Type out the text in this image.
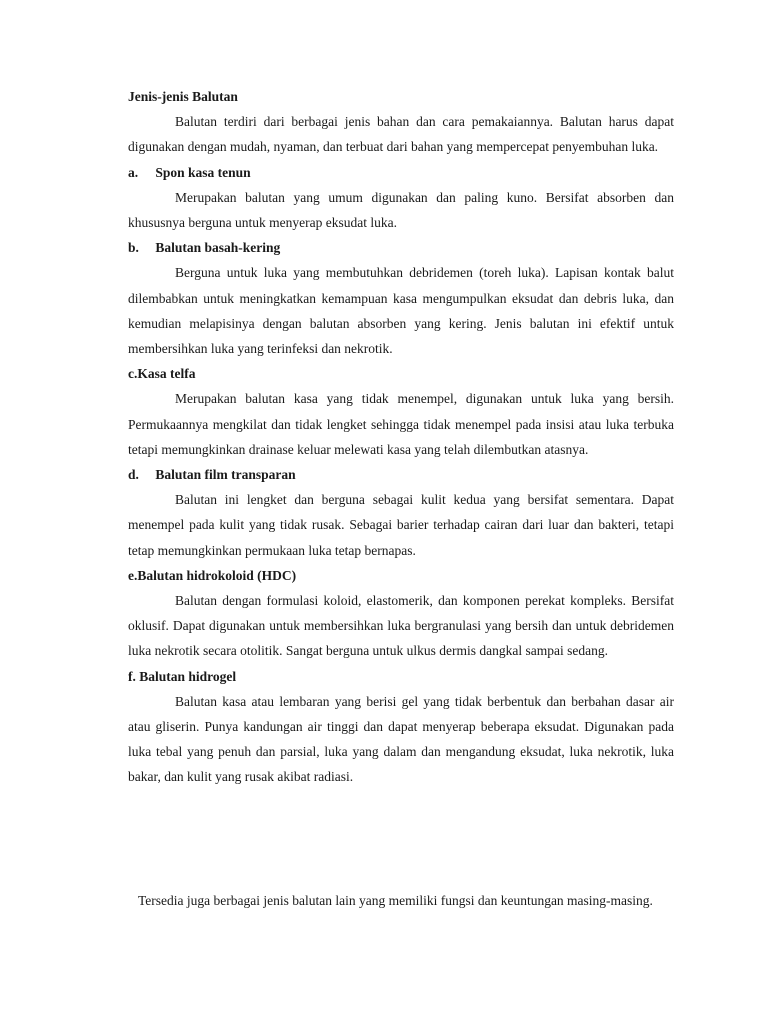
Jenis-jenis Balutan

Balutan terdiri dari berbagai jenis bahan dan cara pemakaiannya. Balutan harus dapat digunakan dengan mudah, nyaman, dan terbuat dari bahan yang mempercepat penyembuhan luka.

a. Spon kasa tenun

Merupakan balutan yang umum digunakan dan paling kuno. Bersifat absorben dan khususnya berguna untuk menyerap eksudat luka.

b. Balutan basah-kering

Berguna untuk luka yang membutuhkan debridemen (toreh luka). Lapisan kontak balut dilembabkan untuk meningkatkan kemampuan kasa mengumpulkan eksudat dan debris luka, dan kemudian melapisinya dengan balutan absorben yang kering. Jenis balutan ini efektif untuk membersihkan luka yang terinfeksi dan nekrotik.

c.Kasa telfa

Merupakan balutan kasa yang tidak menempel, digunakan untuk luka yang bersih. Permukaannya mengkilat dan tidak lengket sehingga tidak menempel pada insisi atau luka terbuka tetapi memungkinkan drainase keluar melewati kasa yang telah dilembutkan atasnya.

d. Balutan film transparan

Balutan ini lengket dan berguna sebagai kulit kedua yang bersifat sementara. Dapat menempel pada kulit yang tidak rusak. Sebagai barier terhadap cairan dari luar dan bakteri, tetapi tetap memungkinkan permukaan luka tetap bernapas.

e.Balutan hidrokoloid (HDC)

Balutan dengan formulasi koloid, elastomerik, dan komponen perekat kompleks. Bersifat oklusif. Dapat digunakan untuk membersihkan luka bergranulasi yang bersih dan untuk debridemen luka nekrotik secara otolitik. Sangat berguna untuk ulkus dermis dangkal sampai sedang.

f. Balutan hidrogel

Balutan kasa atau lembaran yang berisi gel yang tidak berbentuk dan berbahan dasar air atau gliserin. Punya kandungan air tinggi dan dapat menyerap beberapa eksudat. Digunakan pada luka tebal yang penuh dan parsial, luka yang dalam dan mengandung eksudat, luka nekrotik, luka bakar, dan kulit yang rusak akibat radiasi.

Tersedia juga berbagai jenis balutan lain yang memiliki fungsi dan keuntungan masing-masing.
